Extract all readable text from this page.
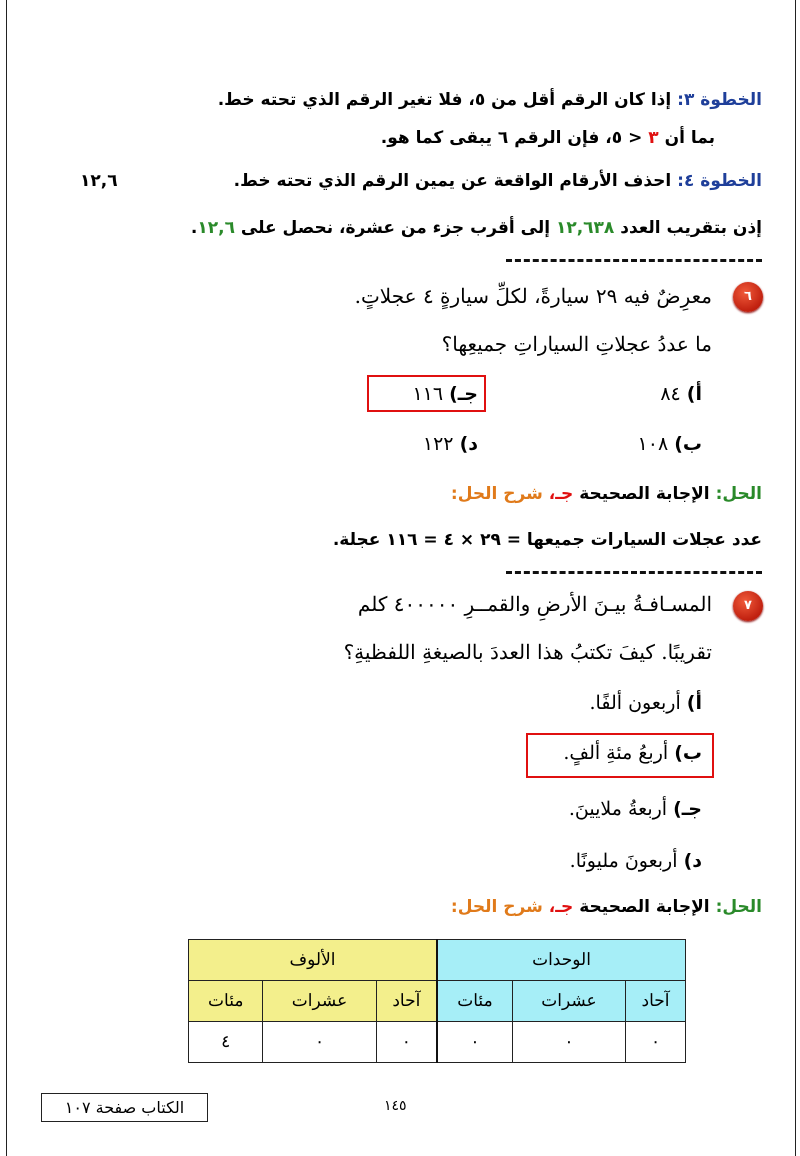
الخطوة ٣: إذا كان الرقم أقل من ٥، فلا تغير الرقم الذي تحته خط.
بما أن ٣ < ٥، فإن الرقم ٦ يبقى كما هو.
الخطوة ٤: احذف الأرقام الواقعة عن يمين الرقم الذي تحته خط.
١٢,٦
إذن بتقريب العدد ١٢,٦٣٨ إلى أقرب جزء من عشرة، نحصل على ١٢,٦.
٦
معرِضٌ فيه ٢٩ سيارةً، لكلِّ سيارةٍ ٤ عجلاتٍ.
ما عددُ عجلاتِ السياراتِ جميعِها؟
أ) ٨٤
جـ) ١١٦
ب) ١٠٨
د) ١٢٢
الحل: الإجابة الصحيحة جـ، شرح الحل:
عدد عجلات السيارات جميعها = ٢٩ × ٤ = ١١٦ عجلة.
٧
المسـافـةُ بيـنَ الأرضِ والقمــرِ ٤٠٠٠٠٠ كلم
تقريبًا. كيفَ تكتبُ هذا العددَ بالصيغةِ اللفظيةِ؟
أ) أربعون ألفًا.
ب) أربعُ مئةِ ألفٍ.
جـ) أربعةُ ملايينَ.
د) أربعونَ مليونًا.
الحل: الإجابة الصحيحة جـ، شرح الحل:
الوحدات			الألوف		
آحاد	عشرات	مئات	آحاد	عشرات	مئات
٠	٠	٠	٠	٠	٤
الكتاب صفحة ١٠٧	١٤٥
